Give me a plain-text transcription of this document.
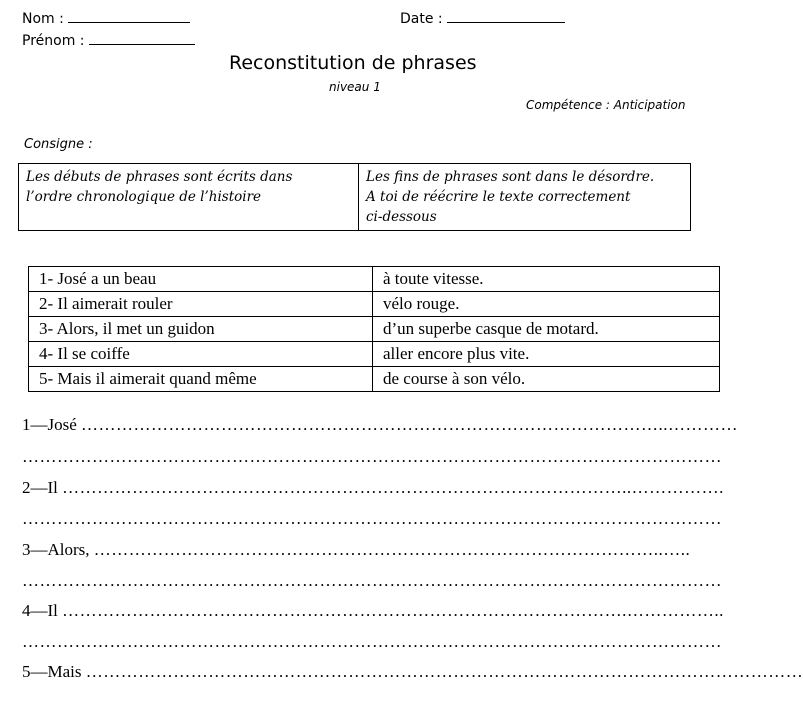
Nom :
Prénom :
Date :
Reconstitution de phrases
niveau 1
Compétence : Anticipation
Consigne :
Les débuts de phrases sont écrits dans
l’ordre chronologique de l’histoire

Les fins de phrases sont dans le désordre.
A toi de réécrire le texte correctement
ci-dessous
1- José a un beau	à toute vitesse.
2- Il aimerait rouler	vélo rouge.
3- Alors, il met un guidon	d’un superbe casque de motard.
4- Il se coiffe	aller encore plus vite.
5- Mais il aimerait quand même	de course à son vélo.
1—José ………………………………………………………………………………………..…………
…………………………………………………………………………………………………………
2—Il ……………………………………………………………………………………..…………….
…………………………………………………………………………………………………………
3—Alors, ……………………………………………………………………………………..…..
…………………………………………………………………………………………………………
4—Il …………………………………………………………………………………….……………..
…………………………………………………………………………………………………………
5—Mais ……………………………………………………………………………………………………………
